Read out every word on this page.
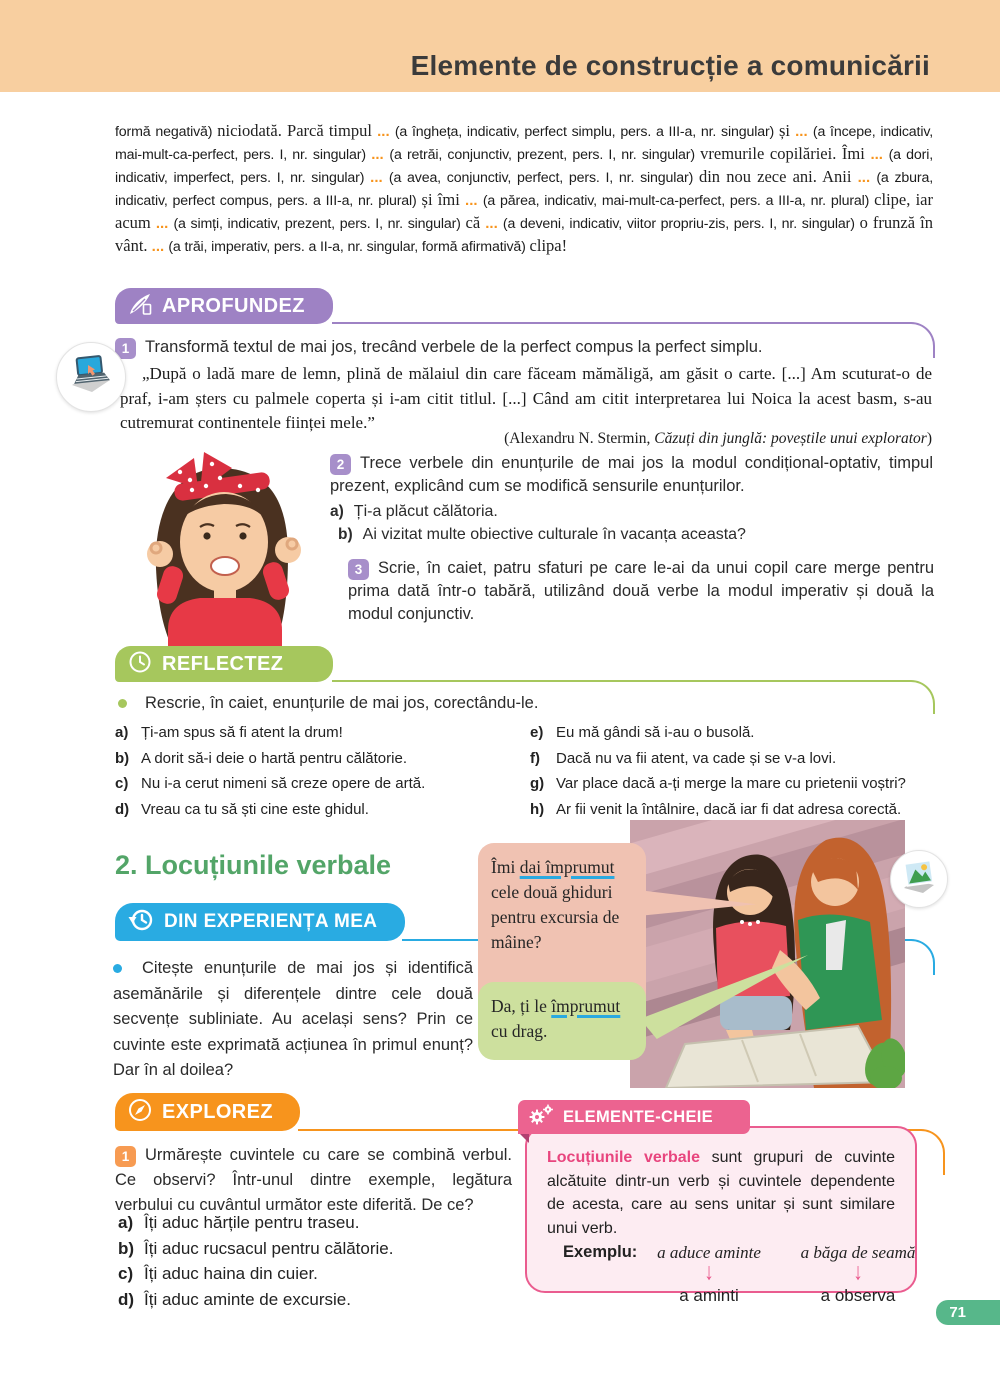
Elemente de construcție a comunicării

formă negativă) niciodată. Parcă timpul ... (a îngheța, indicativ, perfect simplu, pers. a III-a, nr. singular) și ... (a începe, indicativ, mai-mult-ca-perfect, pers. I, nr. singular) ... (a retrăi, conjunctiv, prezent, pers. I, nr. singular) vremurile copilăriei. Îmi ... (a dori, indicativ, imperfect, pers. I, nr. singular) ... (a avea, conjunctiv, perfect, pers. I, nr. singular) din nou zece ani. Anii ... (a zbura, indicativ, perfect compus, pers. a III-a, nr. plural) și îmi ... (a părea, indicativ, mai-mult-ca-perfect, pers. a III-a, nr. plural) clipe, iar acum ... (a simți, indicativ, prezent, pers. I, nr. singular) că ... (a deveni, indicativ, viitor propriu-zis, pers. I, nr. singular) o frunză în vânt. ... (a trăi, imperativ, pers. a II-a, nr. singular, formă afirmativă) clipa!

Îmi dai împrumut cele două ghiduri pentru excursia de mâine?
Da, ți le împrumut cu drag.
APROFUNDEZ
1 Transformă textul de mai jos, trecând verbele de la perfect compus la perfect simplu.

„După o ladă mare de lemn, plină de mălaiul din care făceam mămăligă, am găsit o carte. [...] Am scuturat-o de praf, i-am șters cu palmele coperta și i-am citit titlul. [...] Când am citit interpretarea lui Noica la acest basm, s-au cutremurat continentele ființei mele.”

(Alexandru N. Stermin, Căzuți din junglă: poveștile unui explorator)

2 Trece verbele din enunțurile de mai jos la modul condițional-optativ, timpul prezent, explicând cum se modifică sensurile enunțurilor.
a) Ți-a plăcut călătoria.
b) Ai vizitat multe obiective culturale în vacanța aceasta?
3 Scrie, în caiet, patru sfaturi pe care le-ai da unui copil care merge pentru prima dată într-o tabără, utilizând două verbe la modul imperativ și două la modul conjunctiv.
REFLECTEZ
Rescrie, în caiet, enunțurile de mai jos, corectându-le.
a) Ți-am spus să fi atent la drum!
b) A dorit să-i deie o hartă pentru călătorie.
c) Nu i-a cerut nimeni să creze opere de artă.
d) Vreau ca tu să ști cine este ghidul.
e) Eu mă gândi să i-au o busolă.
f)	Dacă nu va fii atent, va cade și se v-a lovi.
g) Var place dacă a-ți merge la mare cu prietenii voștri?
h) Ar fii venit la întâlnire, dacă iar fi dat adresa corectă.
2. Locuțiunile verbale
DIN EXPERIENȚA MEA

Citește enunțurile de mai jos și identifică asemănările și diferențele dintre cele două secvențe subliniate. Au același sens? Prin ce cuvinte este exprimată acțiunea în primul enunț? Dar în al doilea?

EXPLOREZ
1 Urmărește cuvintele cu care se combină verbul. Ce observi? Într-unul dintre exemple, legătura verbului cu cuvântul următor este diferită. De ce?
a) Îți aduc hărțile pentru traseu.
b) Îți aduc rucsacul pentru călătorie.
c) Îți aduc haina din cuier.
d) Îți aduc aminte de excursie.

Locuțiunile verbale sunt grupuri de cuvinte alcătuite dintr-un verb și cuvintele dependente de acesta, care au sens unitar și sunt similare unui verb.

Exemplu:	a aduce aminte	a băga de seamă
↓	↓
a aminti	a observa
ELEMENTE-CHEIE
71
